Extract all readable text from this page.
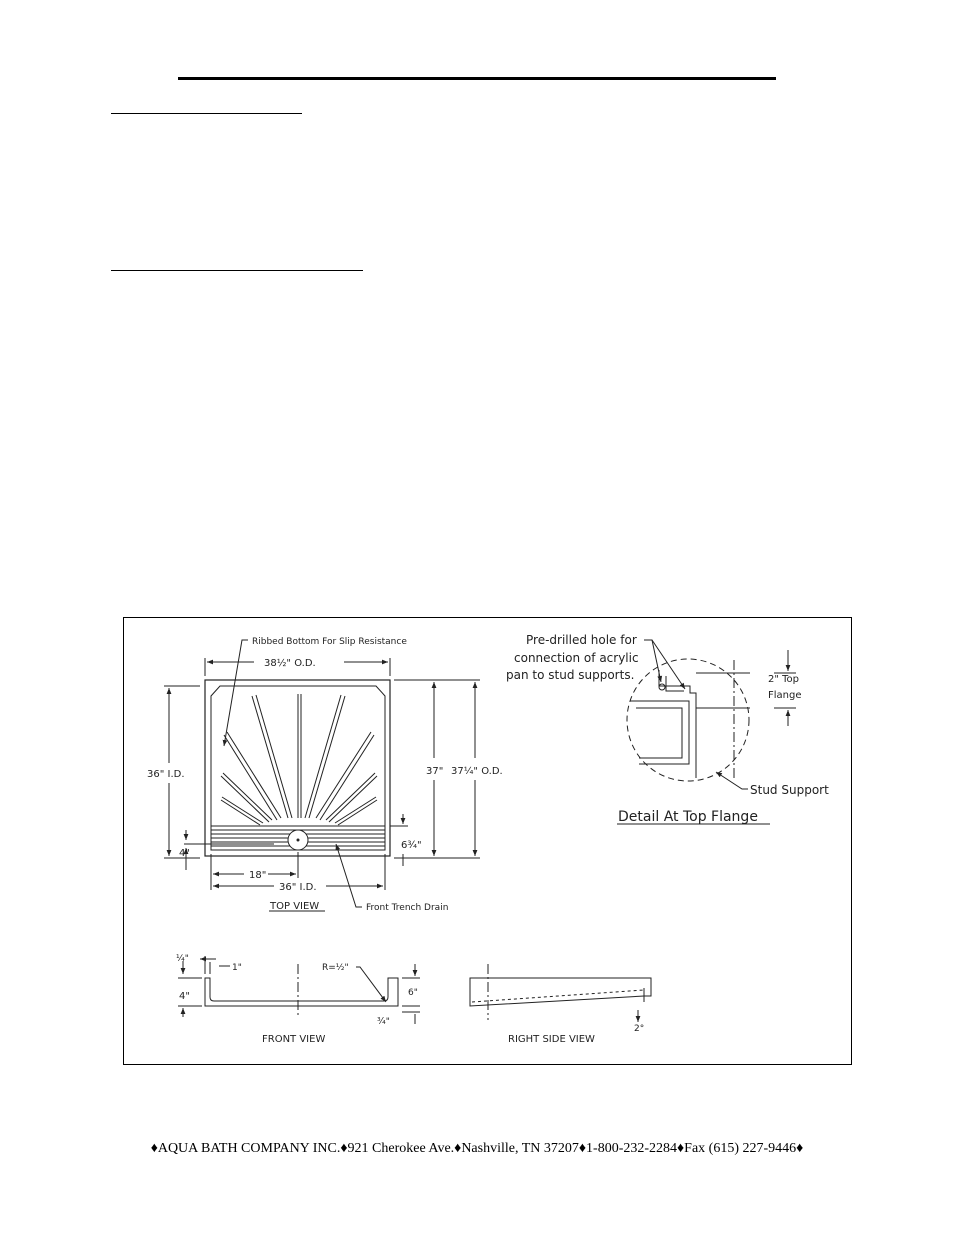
Ribbed Bottom For Slip Resistance
38½" O.D.
36" I.D.	37" 37¼" O.D.
6¾"
4"
18"
36" I.D.
Front Trench Drain
TOP VIEW
Pre-drilled hole for
connection of acrylic
pan to stud supports.	2" Top
Flange
Stud Support
Detail At Top Flange
¼"
1"	R=½"
4"	6"
¾"
FRONT VIEW
2°
RIGHT SIDE VIEW
♦AQUA BATH COMPANY INC.♦921 Cherokee Ave.♦Nashville, TN 37207♦1-800-232-2284♦Fax (615) 227-9446♦
